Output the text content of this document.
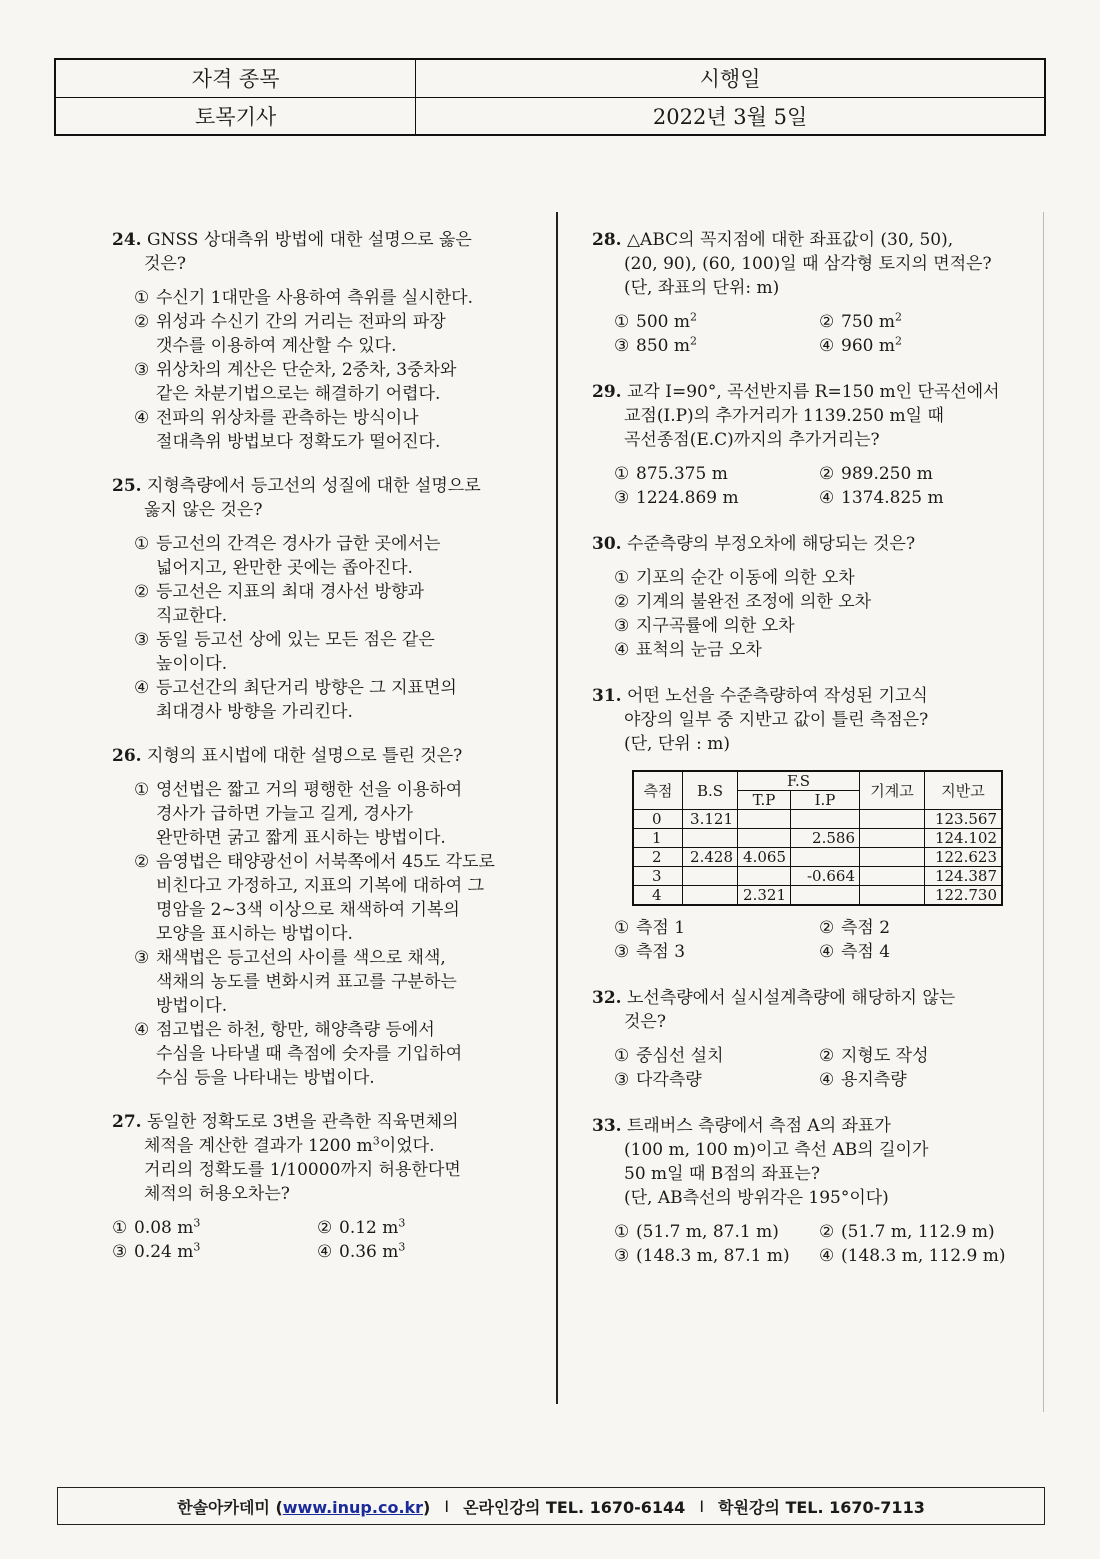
자격 종목	시행일
토목기사	2022년 3월 5일
24. GNSS 상대측위 방법에 대한 설명으로 옳은
것은?
① 수신기 1대만을 사용하여 측위를 실시한다.
② 위성과 수신기 간의 거리는 전파의 파장
갯수를 이용하여 계산할 수 있다.
③ 위상차의 계산은 단순차, 2중차, 3중차와
같은 차분기법으로는 해결하기 어렵다.
④ 전파의 위상차를 관측하는 방식이나
절대측위 방법보다 정확도가 떨어진다.
25. 지형측량에서 등고선의 성질에 대한 설명으로
옳지 않은 것은?
① 등고선의 간격은 경사가 급한 곳에서는
넓어지고, 완만한 곳에는 좁아진다.
② 등고선은 지표의 최대 경사선 방향과
직교한다.
③ 동일 등고선 상에 있는 모든 점은 같은
높이이다.
④ 등고선간의 최단거리 방향은 그 지표면의
최대경사 방향을 가리킨다.
26. 지형의 표시법에 대한 설명으로 틀린 것은?
① 영선법은 짧고 거의 평행한 선을 이용하여
경사가 급하면 가늘고 길게, 경사가
완만하면 굵고 짧게 표시하는 방법이다.
② 음영법은 태양광선이 서북쪽에서 45도 각도로
비친다고 가정하고, 지표의 기복에 대하여 그
명암을 2~3색 이상으로 채색하여 기복의
모양을 표시하는 방법이다.
③ 채색법은 등고선의 사이를 색으로 채색,
색채의 농도를 변화시켜 표고를 구분하는
방법이다.
④ 점고법은 하천, 항만, 해양측량 등에서
수심을 나타낼 때 측점에 숫자를 기입하여
수심 등을 나타내는 방법이다.
27. 동일한 정확도로 3변을 관측한 직육면체의
체적을 계산한 결과가 1200 $m^3$이었다.
거리의 정확도를 1/10000까지 허용한다면
체적의 허용오차는?
① 0.08 $m^3$	② 0.12 $m^3$
③ 0.24 $m^3$	④ 0.36 $m^3$
28. △ABC의 꼭지점에 대한 좌표값이 (30, 50),
(20, 90), (60, 100)일 때 삼각형 토지의 면적은?
(단, 좌표의 단위: m)
① 500 $m^2$	② 750 $m^2$
③ 850 $m^2$	④ 960 $m^2$
29. 교각 I=90°, 곡선반지름 R=150 m인 단곡선에서
교점(I.P)의 추가거리가 1139.250 m일 때
곡선종점(E.C)까지의 추가거리는?
① 875.375 m	② 989.250 m
③ 1224.869 m	④ 1374.825 m
30. 수준측량의 부정오차에 해당되는 것은?
① 기포의 순간 이동에 의한 오차
② 기계의 불완전 조정에 의한 오차
③ 지구곡률에 의한 오차
④ 표척의 눈금 오차
31. 어떤 노선을 수준측량하여 작성된 기고식
야장의 일부 중 지반고 값이 틀린 측점은?
(단, 단위 : m)
측점	B.S	F.S		기계고	지반고
		T.P	I.P		
0	3.121				123.567
1			2.586		124.102
2	2.428	4.065			122.623
3			-0.664		124.387
4		2.321			122.730
① 측점 1	② 측점 2
③ 측점 3	④ 측점 4
32. 노선측량에서 실시설계측량에 해당하지 않는
것은?
① 중심선 설치	② 지형도 작성
③ 다각측량	④ 용지측량
33. 트래버스 측량에서 측점 A의 좌표가
(100 m, 100 m)이고 측선 AB의 길이가
50 m일 때 B점의 좌표는?
(단, AB측선의 방위각은 195°이다)
① (51.7 m, 87.1 m)	② (51.7 m, 112.9 m)
③ (148.3 m, 87.1 m)	④ (148.3 m, 112.9 m)
한솔아카데미 (www.inup.co.kr) I 온라인강의 TEL. 1670-6144 I 학원강의 TEL. 1670-7113
